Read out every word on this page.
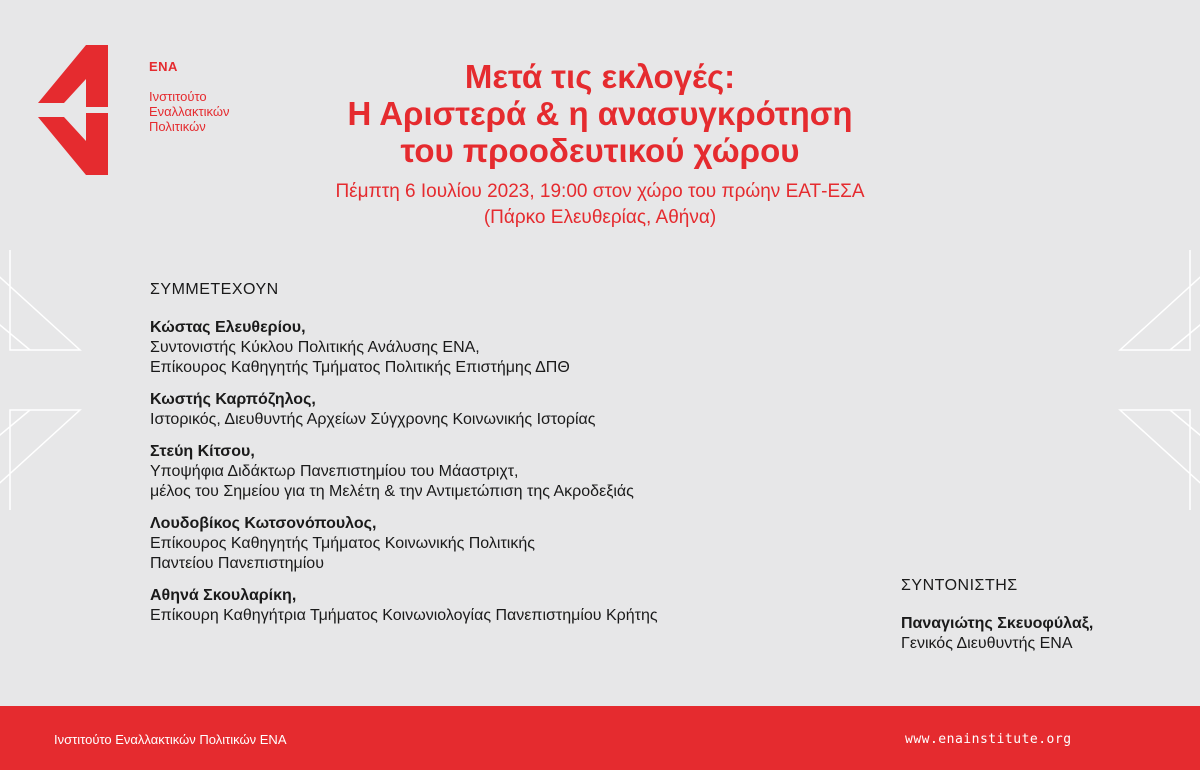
ΕΝΑ
Ινστιτούτο
Εναλλακτικών
Πολιτικών
Μετά τις εκλογές:
Η Αριστερά & η ανασυγκρότηση
του προοδευτικού χώρου
Πέμπτη 6 Ιουλίου 2023, 19:00 στον χώρο του πρώην ΕΑΤ-ΕΣΑ
(Πάρκο Ελευθερίας, Αθήνα)
ΣΥΜΜΕΤΕΧΟΥΝ
Κώστας Ελευθερίου,
Συντονιστής Κύκλου Πολιτικής Ανάλυσης ΕΝΑ,
Επίκουρος Καθηγητής Τμήματος Πολιτικής Επιστήμης ΔΠΘ
Κωστής Καρπόζηλος,
Ιστορικός, Διευθυντής Αρχείων Σύγχρονης Κοινωνικής Ιστορίας
Στεύη Κίτσου,
Υποψήφια Διδάκτωρ Πανεπιστημίου του Μάαστριχτ,
μέλος του Σημείου για τη Μελέτη & την Αντιμετώπιση της Ακροδεξιάς
Λουδοβίκος Κωτσονόπουλος,
Επίκουρος Καθηγητής Τμήματος Κοινωνικής Πολιτικής
Παντείου Πανεπιστημίου
Αθηνά Σκουλαρίκη,
Επίκουρη Καθηγήτρια Τμήματος Κοινωνιολογίας Πανεπιστημίου Κρήτης
ΣΥΝΤΟΝΙΣΤΗΣ
Παναγιώτης Σκευοφύλαξ,
Γενικός Διευθυντής ΕΝΑ
Ινστιτούτο Εναλλακτικών Πολιτικών ΕΝΑ	www.enainstitute.org
